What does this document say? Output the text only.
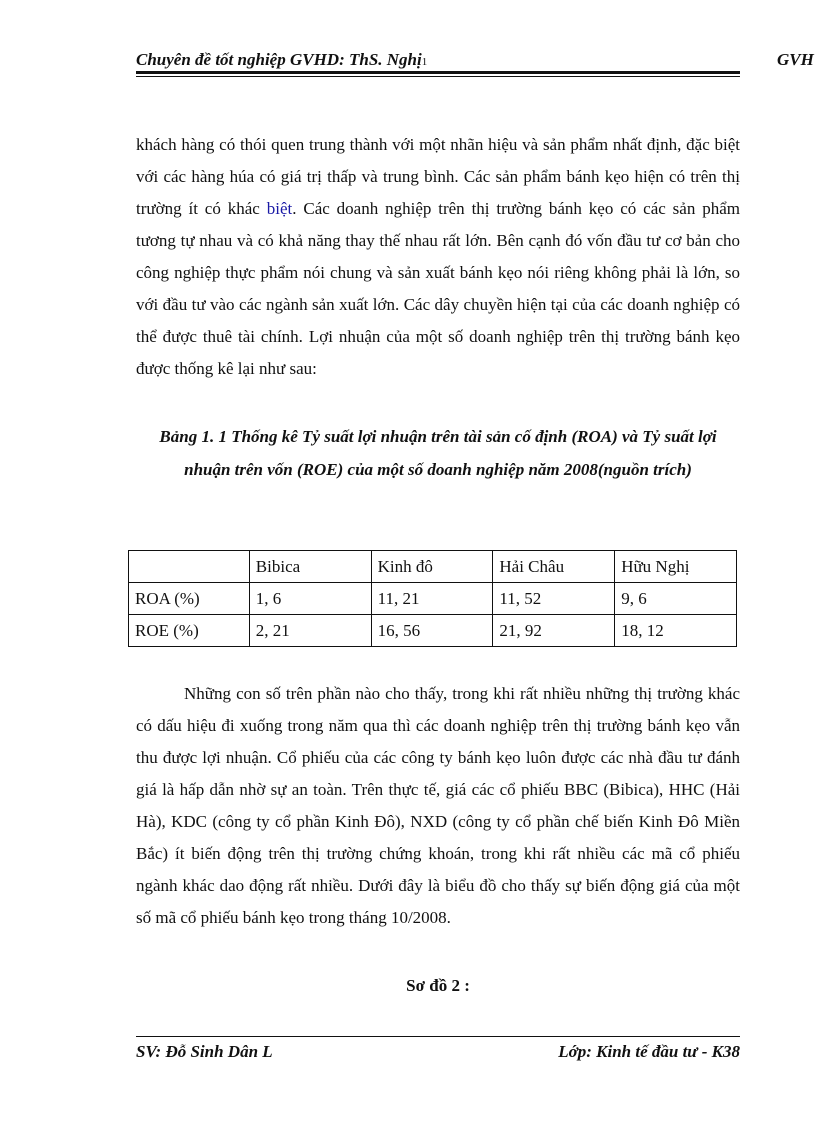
Chuyên đề tốt nghiệp GVHD: ThS. Nghị1	GVH

khách hàng có thói quen trung thành với một nhãn hiệu và sản phẩm nhất định, đặc biệt với các hàng húa có giá trị thấp và trung bình. Các sản phẩm bánh kẹo hiện có trên thị trường ít có khác biệt. Các doanh nghiệp trên thị trường bánh kẹo có các sản phẩm tương tự nhau và có khả năng thay thế nhau rất lớn. Bên cạnh đó vốn đầu tư cơ bản cho công nghiệp thực phẩm nói chung và sản xuất bánh kẹo nói riêng không phải là lớn, so với đầu tư vào các ngành sản xuất lớn. Các dây chuyền hiện tại của các doanh nghiệp có thể được thuê tài chính. Lợi nhuận của một số doanh nghiệp trên thị trường bánh kẹo được thống kê lại như sau:

Bảng 1. 1 Thống kê Tỷ suất lợi nhuận trên tài sản cố định (ROA) và Tỷ suất lợi nhuận trên vốn (ROE) của một số doanh nghiệp năm 2008(nguồn trích)
	Bibica	Kinh đô	Hải Châu	Hữu Nghị
ROA (%)	1, 6	11, 21	11, 52	9, 6
ROE (%)	2, 21	16, 56	21, 92	18, 12

Những con số trên phần nào cho thấy, trong khi rất nhiều những thị trường khác có dấu hiệu đi xuống trong năm qua thì các doanh nghiệp trên thị trường bánh kẹo vẫn thu được lợi nhuận. Cổ phiếu của các công ty bánh kẹo luôn được các nhà đầu tư đánh giá là hấp dẫn nhờ sự an toàn. Trên thực tế, giá các cổ phiếu BBC (Bibica), HHC (Hải Hà), KDC (công ty cổ phần Kinh Đô), NXD (công ty cổ phần chế biến Kinh Đô Miền Bắc) ít biến động trên thị trường chứng khoán, trong khi rất nhiều các mã cổ phiếu ngành khác dao động rất nhiều. Dưới đây là biểu đồ cho thấy sự biến động giá của một số mã cổ phiếu bánh kẹo trong tháng 10/2008.

Sơ đồ 2 :
SV: Đỗ Sinh Dân L	Lớp: Kinh tế đầu tư - K38
